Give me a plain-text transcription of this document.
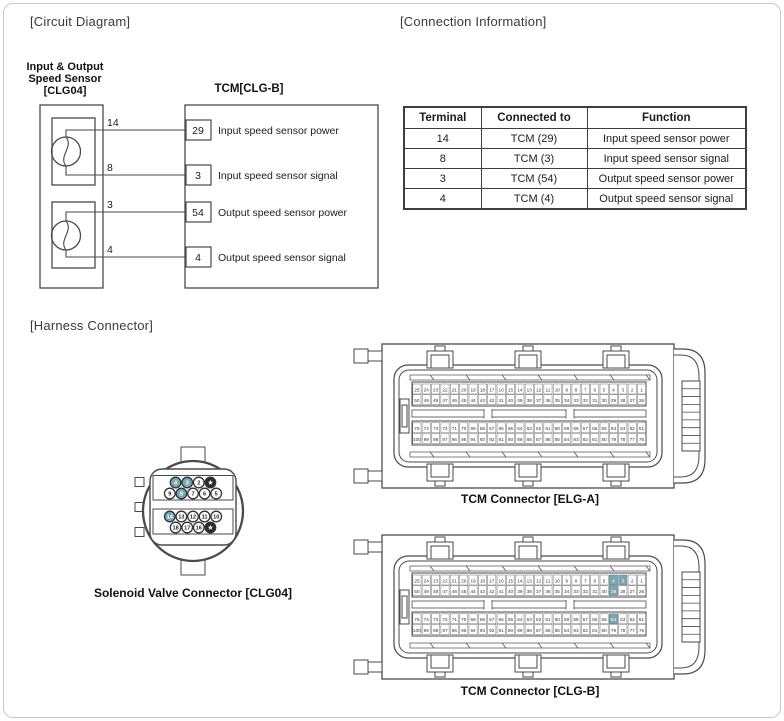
[Circuit Diagram]	[Connection Information]
[Harness Connector]
Input & Output
Speed Sensor
[CLG04]	TCM[CLG-B]
14
8
3
4
29
3
54
4
Input speed sensor power
Input speed sensor signal
Output speed sensor power
Output speed sensor signal
Terminal	Connected to	Function
14	TCM (29)	Input speed sensor power
8	TCM (3)	Input speed sensor signal
3	TCM (54)	Output speed sensor power
4	TCM (4)	Output speed sensor signal
4 3 2 ★
9 8 7 6 5
14 13 12 11 10
18 17 16 ★
Solenoid Valve Connector [CLG04]
25 24 23 22 21 20 19 18 17 16 15 14 13 12 11 10 9 8 7 6 5 4 3 2 1
50 49 48 47 46 45 44 43 42 41 40 39 38 37 36 35 34 33 32 31 30 29 28 27 26
75 74 73 72 71 70 69 68 67 66 65 64 63 62 61 60 59 58 57 56 55 54 53 52 51
100 99 98 97 96 95 94 93 92 91 90 89 88 87 86 85 84 83 82 81 80 79 78 77 76
TCM Connector [ELG-A]
25 24 23 22 21 20 19 18 17 16 15 14 13 12 11 10 9 8 7 6 5 4 3 2 1
50 49 48 47 46 45 44 43 42 41 40 39 38 37 36 35 34 33 32 31 30 29 28 27 26
75 74 73 72 71 70 69 68 67 66 65 64 63 62 61 60 59 58 57 56 55 54 53 52 51
100 99 98 97 96 95 94 93 92 91 90 89 88 87 86 85 84 83 82 81 80 79 78 77 76
TCM Connector [CLG-B]
